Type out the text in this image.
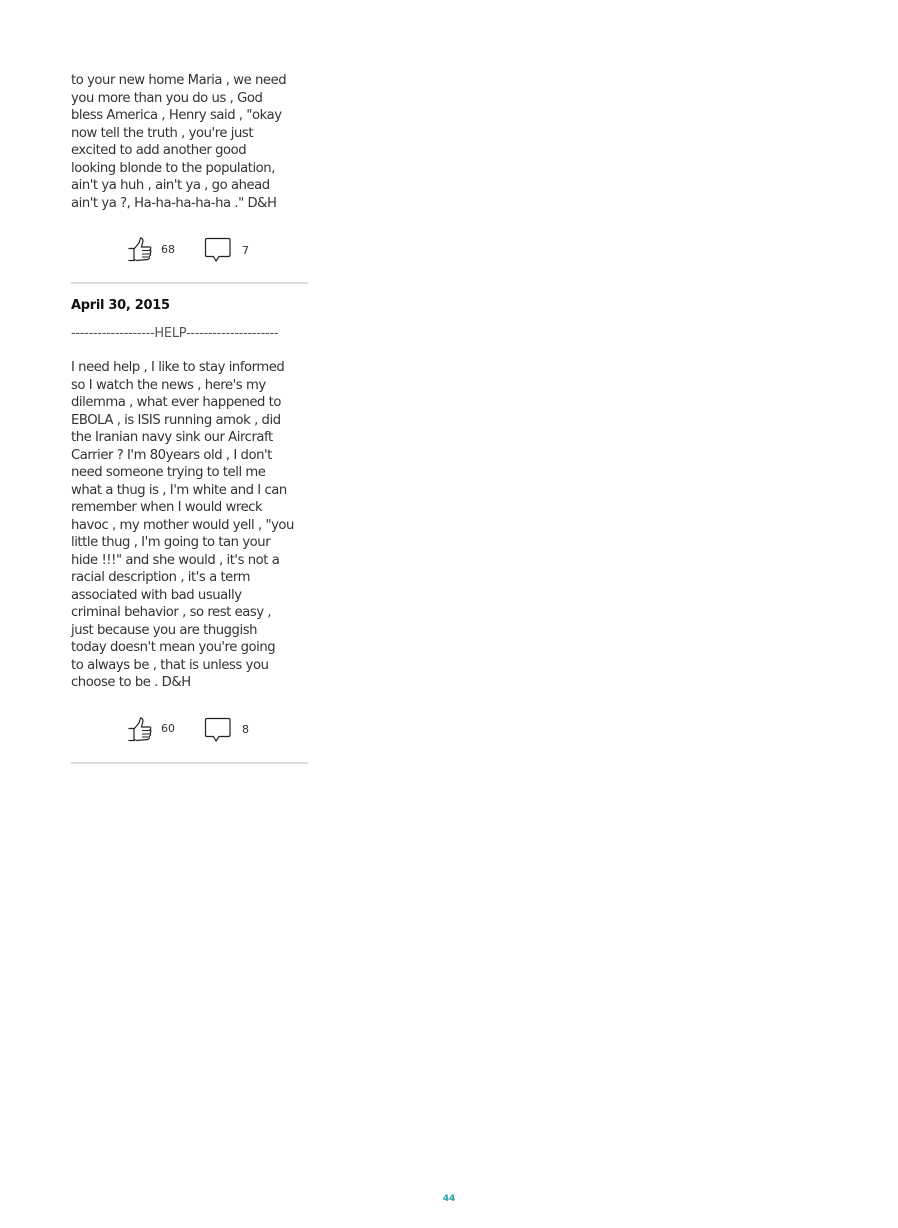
to your new home Maria , we need
you more than you do us , God
bless America , Henry said , "okay
now tell the truth , you're just
excited to add another good
looking blonde to the population,
ain't ya huh , ain't ya , go ahead
ain't ya ?, Ha-ha-ha-ha-ha ." D&H

68	7
April 30, 2015
-------------------HELP---------------------

I need help , I like to stay informed
so I watch the news , here's my
dilemma , what ever happened to
EBOLA , is ISIS running amok , did
the Iranian navy sink our Aircraft
Carrier ? I'm 80years old , I don't
need someone trying to tell me
what a thug is , I'm white and I can
remember when I would wreck
havoc , my mother would yell , "you
little thug , I'm going to tan your
hide !!!" and she would , it's not a
racial description , it's a term
associated with bad usually
criminal behavior , so rest easy ,
just because you are thuggish
today doesn't mean you're going
to always be , that is unless you
choose to be . D&H

60	8
44
